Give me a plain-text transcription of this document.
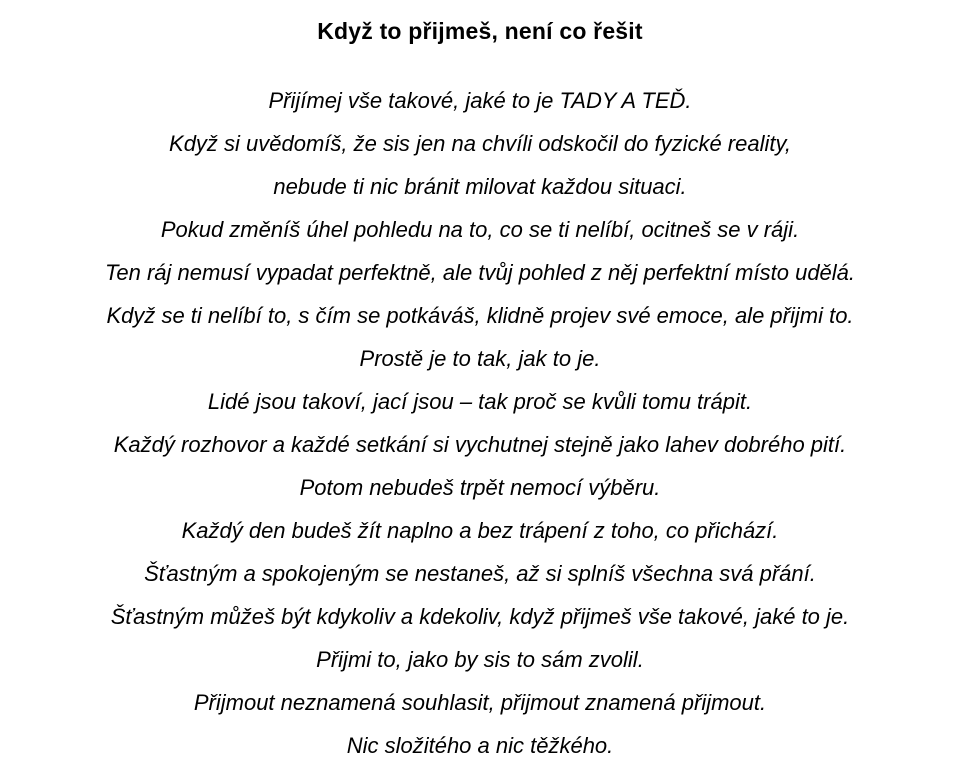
Když to přijmeš, není co řešit
Přijímej vše takové, jaké to je TADY A TEĎ.
Když si uvědomíš, že sis jen na chvíli odskočil do fyzické reality,
nebude ti nic bránit milovat každou situaci.
Pokud změníš úhel pohledu na to, co se ti nelíbí, ocitneš se v ráji.
Ten ráj nemusí vypadat perfektně, ale tvůj pohled z něj perfektní místo udělá.
Když se ti nelíbí to, s čím se potkáváš, klidně projev své emoce, ale přijmi to.
Prostě je to tak, jak to je.
Lidé jsou takoví, jací jsou – tak proč se kvůli tomu trápit.
Každý rozhovor a každé setkání si vychutnej stejně jako lahev dobrého pití.
Potom nebudeš trpět nemocí výběru.
Každý den budeš žít naplno a bez trápení z toho, co přichází.
Šťastným a spokojeným se nestaneš, až si splníš všechna svá přání.
Šťastným můžeš být kdykoliv a kdekoliv, když přijmeš vše takové, jaké to je.
Přijmi to, jako by sis to sám zvolil.
Přijmout neznamená souhlasit, přijmout znamená přijmout.
Nic složitého a nic těžkého.
